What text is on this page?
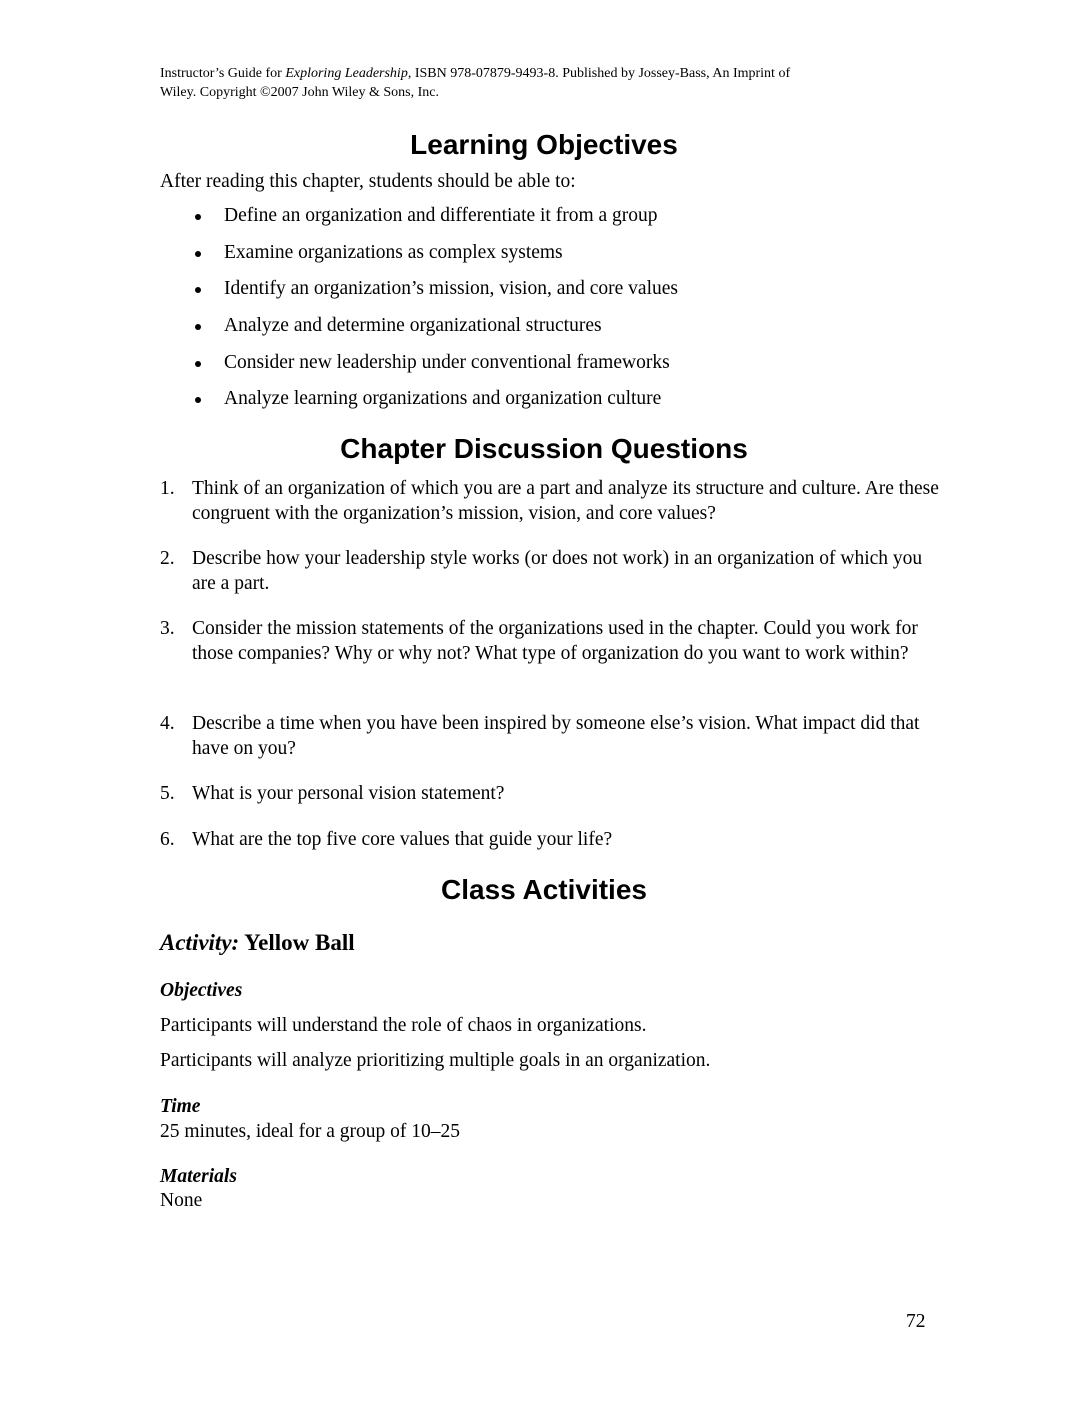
Instructor’s Guide for Exploring Leadership, ISBN 978-07879-9493-8. Published by Jossey-Bass, An Imprint of
Wiley. Copyright ©2007 John Wiley & Sons, Inc.
Learning Objectives

After reading this chapter, students should be able to:

Define an organization and differentiate it from a group
Examine organizations as complex systems
Identify an organization’s mission, vision, and core values
Analyze and determine organizational structures
Consider new leadership under conventional frameworks
Analyze learning organizations and organization culture
Chapter Discussion Questions
1. Think of an organization of which you are a part and analyze its structure and culture. Are these congruent with the organization’s mission, vision, and core values?
2. Describe how your leadership style works (or does not work) in an organization of which you are a part.
3. Consider the mission statements of the organizations used in the chapter. Could you work for those companies? Why or why not? What type of organization do you want to work within?
4. Describe a time when you have been inspired by someone else’s vision. What impact did that have on you?
5. What is your personal vision statement?
6. What are the top five core values that guide your life?
Class Activities
Activity: Yellow Ball
Objectives

Participants will understand the role of chaos in organizations.

Participants will analyze prioritizing multiple goals in an organization.

Time

25 minutes, ideal for a group of 10–25

Materials

None

72
